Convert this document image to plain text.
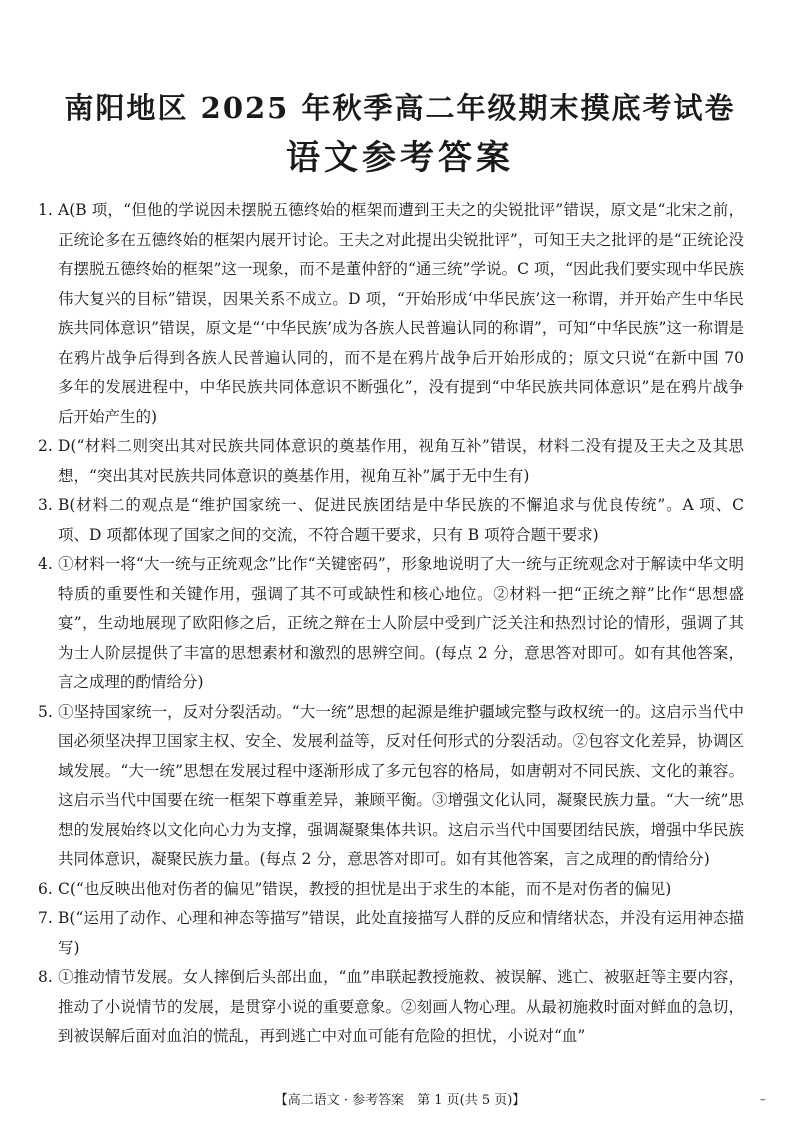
南阳地区 2025 年秋季高二年级期末摸底考试卷
语文参考答案

1. A(B 项，“但他的学说因未摆脱五德终始的框架而遭到王夫之的尖锐批评”错误，原文是“北宋之前，正统论多在五德终始的框架内展开讨论。王夫之对此提出尖锐批评”，可知王夫之批评的是“正统论没有摆脱五德终始的框架”这一现象，而不是董仲舒的“通三统”学说。C 项，“因此我们要实现中华民族伟大复兴的目标”错误，因果关系不成立。D 项，“开始形成‘中华民族’这一称谓，并开始产生中华民族共同体意识”错误，原文是“‘中华民族’成为各族人民普遍认同的称谓”，可知“中华民族”这一称谓是在鸦片战争后得到各族人民普遍认同的，而不是在鸦片战争后开始形成的；原文只说“在新中国 70 多年的发展进程中，中华民族共同体意识不断强化”，没有提到“中华民族共同体意识”是在鸦片战争后开始产生的)

2. D(“材料二则突出其对民族共同体意识的奠基作用，视角互补”错误，材料二没有提及王夫之及其思想，“突出其对民族共同体意识的奠基作用，视角互补”属于无中生有)

3. B(材料二的观点是“维护国家统一、促进民族团结是中华民族的不懈追求与优良传统”。A 项、C 项、D 项都体现了国家之间的交流，不符合题干要求，只有 B 项符合题干要求)

4. ①材料一将“大一统与正统观念”比作“关键密码”，形象地说明了大一统与正统观念对于解读中华文明特质的重要性和关键作用，强调了其不可或缺性和核心地位。②材料一把“正统之辩”比作“思想盛宴”，生动地展现了欧阳修之后，正统之辩在士人阶层中受到广泛关注和热烈讨论的情形，强调了其为士人阶层提供了丰富的思想素材和激烈的思辨空间。(每点 2 分，意思答对即可。如有其他答案，言之成理的酌情给分)

5. ①坚持国家统一，反对分裂活动。“大一统”思想的起源是维护疆域完整与政权统一的。这启示当代中国必须坚决捍卫国家主权、安全、发展利益等，反对任何形式的分裂活动。②包容文化差异，协调区域发展。“大一统”思想在发展过程中逐渐形成了多元包容的格局，如唐朝对不同民族、文化的兼容。这启示当代中国要在统一框架下尊重差异，兼顾平衡。③增强文化认同，凝聚民族力量。“大一统”思想的发展始终以文化向心力为支撑，强调凝聚集体共识。这启示当代中国要团结民族，增强中华民族共同体意识，凝聚民族力量。(每点 2 分，意思答对即可。如有其他答案，言之成理的酌情给分)

6. C(“也反映出他对伤者的偏见”错误，教授的担忧是出于求生的本能，而不是对伤者的偏见)

7. B(“运用了动作、心理和神态等描写”错误，此处直接描写人群的反应和情绪状态，并没有运用神态描写)

8. ①推动情节发展。女人摔倒后头部出血，“血”串联起教授施救、被误解、逃亡、被驱赶等主要内容，推动了小说情节的发展，是贯穿小说的重要意象。②刻画人物心理。从最初施救时面对鲜血的急切，到被误解后面对血泊的慌乱，再到逃亡中对血可能有危险的担忧，小说对“血”

【高二语文 · 参考答案　第 1 页(共 5 页)】	–
